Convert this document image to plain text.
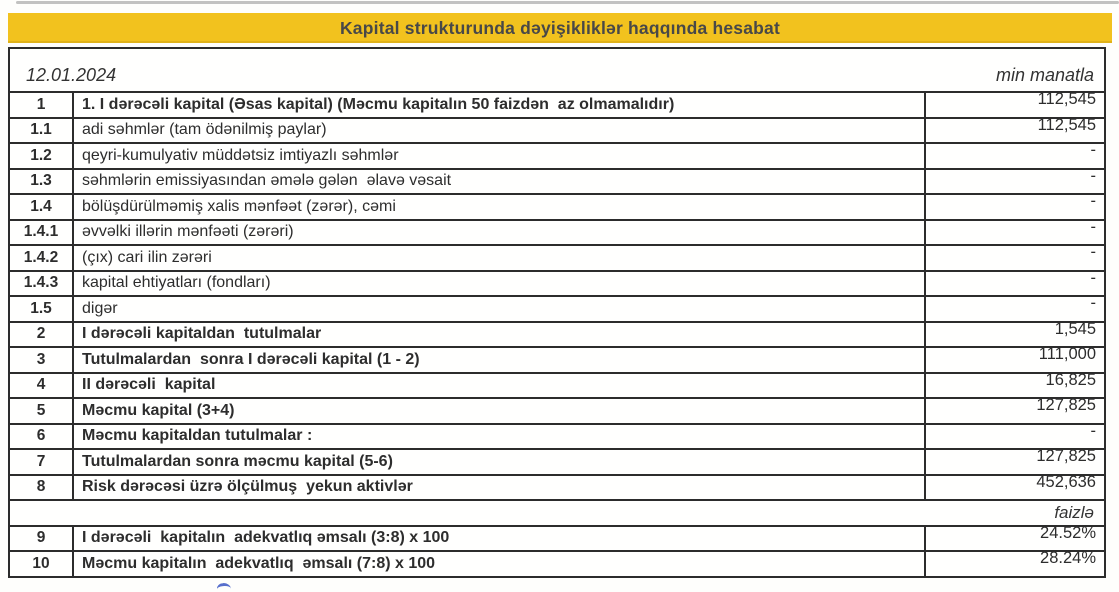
Kapital strukturunda dəyişikliklər haqqında hesabat
12.01.2024	min manatla
1	1. I dərəcəli kapital (Əsas kapital) (Məcmu kapitalın 50 faizdən  az olmamalıdır)	112,545
1.1	adi səhmlər (tam ödənilmiş paylar)	112,545
1.2	qeyri-kumulyativ müddətsiz imtiyazlı səhmlər	-
1.3	səhmlərin emissiyasından əmələ gələn  əlavə vəsait	-
1.4	bölüşdürülməmiş xalis mənfəət (zərər), cəmi	-
1.4.1	əvvəlki illərin mənfəəti (zərəri)	-
1.4.2	(çıx) cari ilin zərəri	-
1.4.3	kapital ehtiyatları (fondları)	-
1.5	digər	-
2	I dərəcəli kapitaldan  tutulmalar	1,545
3	Tutulmalardan  sonra I dərəcəli kapital (1 - 2)	111,000
4	II dərəcəli  kapital	16,825
5	Məcmu kapital (3+4)	127,825
6	Məcmu kapitaldan tutulmalar :	-
7	Tutulmalardan sonra məcmu kapital (5-6)	127,825
8	Risk dərəcəsi üzrə ölçülmuş  yekun aktivlər	452,636
faizlə
9	I dərəcəli  kapitalın  adekvatlıq əmsalı (3:8) x 100	24.52%
10	Məcmu kapitalın  adekvatlıq  əmsalı (7:8) x 100	28.24%
